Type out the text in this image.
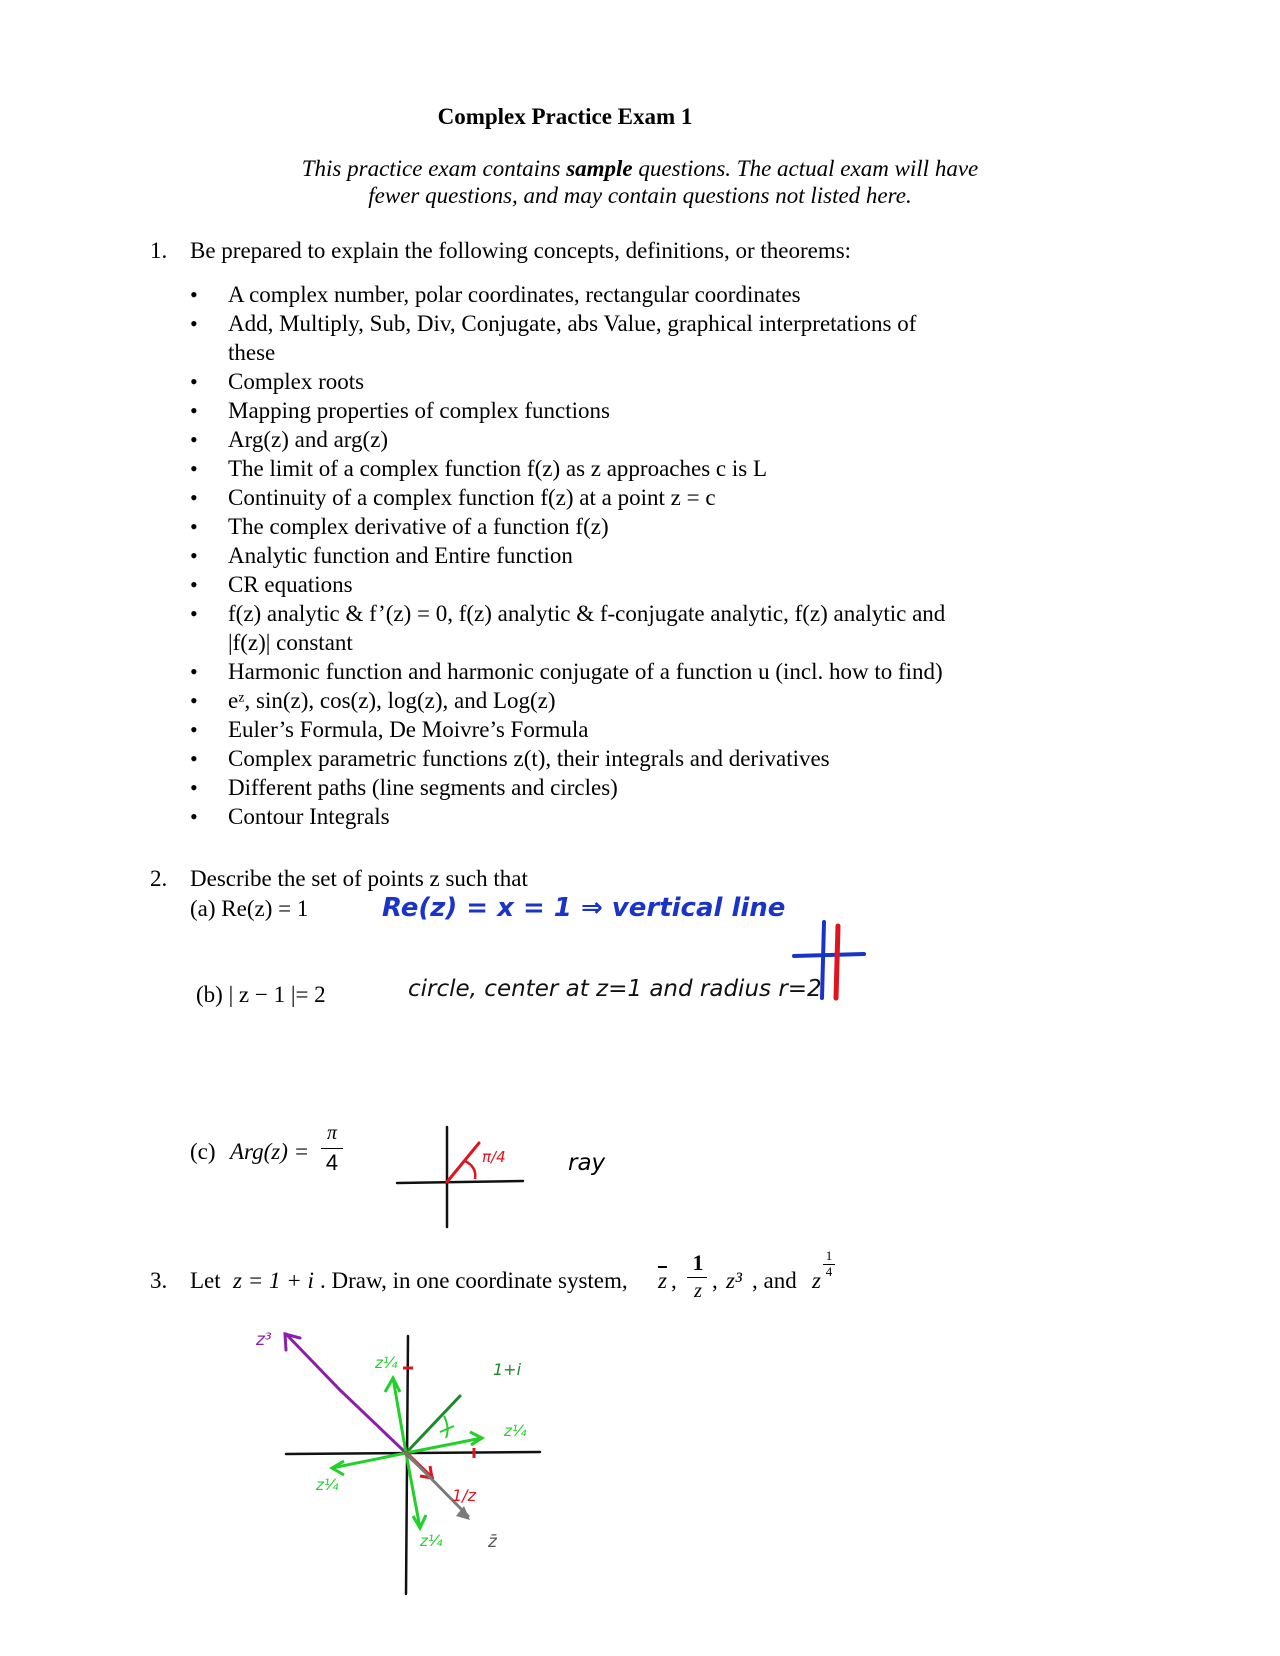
Complex Practice Exam 1
This practice exam contains sample questions. The actual exam will have
fewer questions, and may contain questions not listed here.
1. Be prepared to explain the following concepts, definitions, or theorems:
• A complex number, polar coordinates, rectangular coordinates
• Add, Multiply, Sub, Div, Conjugate, abs Value, graphical interpretations of these
• Complex roots
• Mapping properties of complex functions
• Arg(z) and arg(z)
• The limit of a complex function f(z) as z approaches c is L
• Continuity of a complex function f(z) at a point z = c
• The complex derivative of a function f(z)
• Analytic function and Entire function
• CR equations
• f(z) analytic & f’(z) = 0, f(z) analytic & f-conjugate analytic, f(z) analytic and |f(z)| constant
• Harmonic function and harmonic conjugate of a function u (incl. how to find)
• eᶻ, sin(z), cos(z), log(z), and Log(z)
• Euler’s Formula, De Moivre’s Formula
• Complex parametric functions z(t), their integrals and derivatives
• Different paths (line segments and circles)
• Contour Integrals
2. Describe the set of points z such that
(a) Re(z) = 1	Re(z) = x = 1 ⇒ vertical line
(b) | z − 1 |= 2	circle, center at z=1 and radius r=2
(c) Arg(z) =
π
4	π/4	ray
3. Let z = 1 + i . Draw, in one coordinate system, $\overline{z}$ ,
1
z , z³ , and z
1
4
z³
1+i
z¼
z¼
z¼
z¼
1/z
z̄
